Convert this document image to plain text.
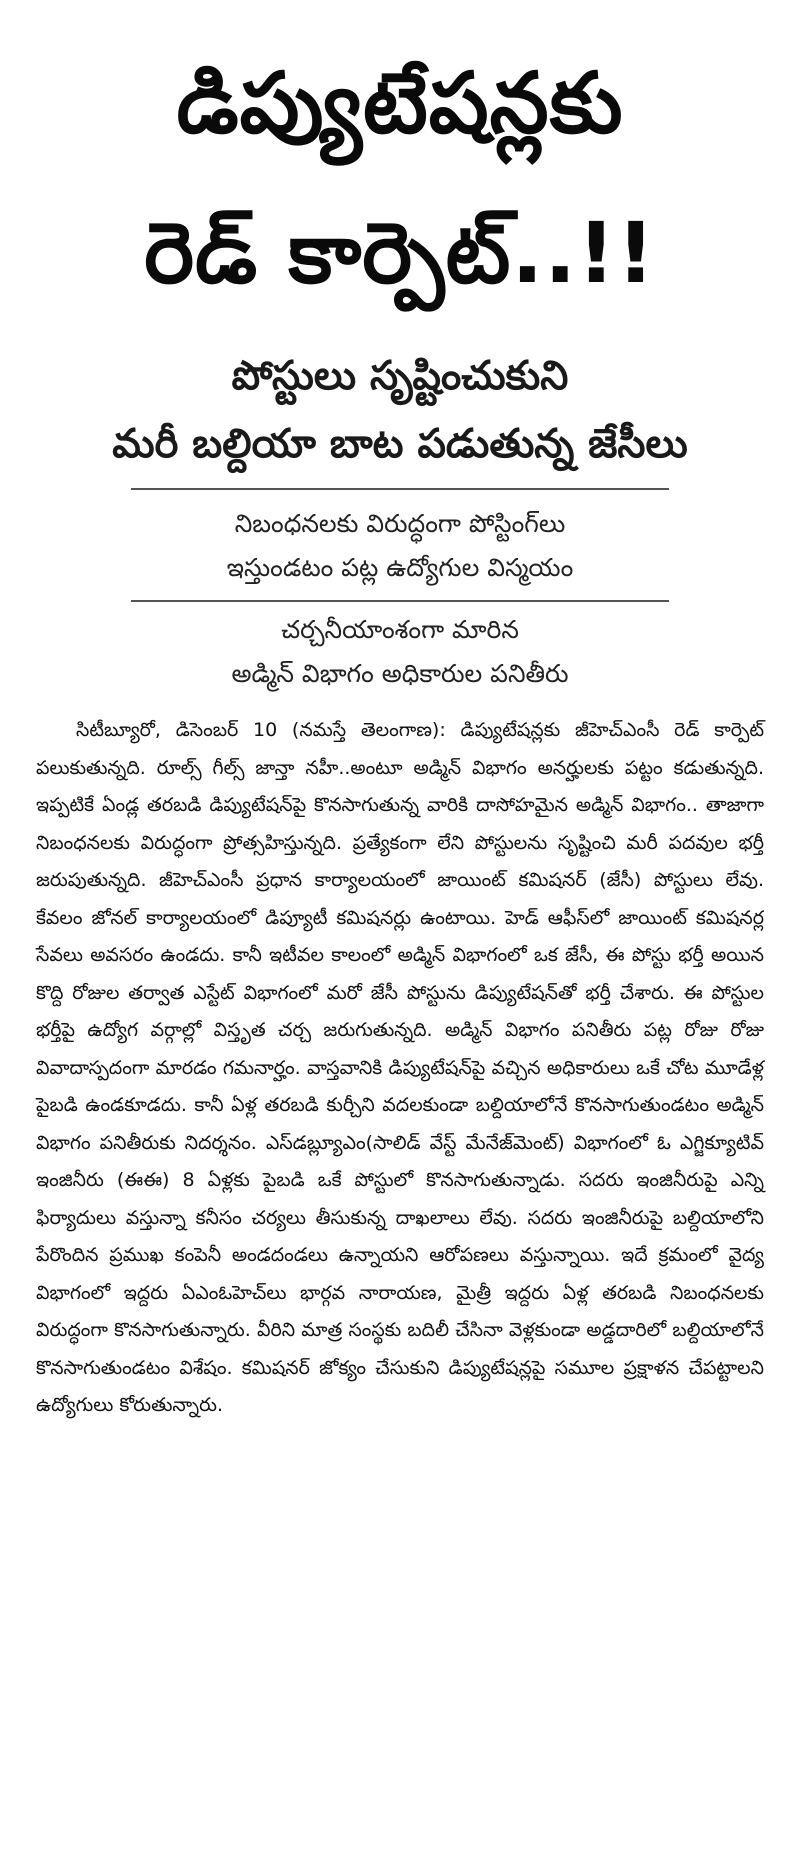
డిప్యుటేషన్లకు
రెడ్ కార్పెట్..!!
పోస్టులు సృష్టించుకుని
మరీ బల్దియా బాట పడుతున్న జేసీలు
నిబంధనలకు విరుద్ధంగా పోస్టింగ్‌లు
ఇస్తుండటం పట్ల ఉద్యోగుల విస్మయం
చర్చనీయాంశంగా మారిన
అడ్మిన్ విభాగం అధికారుల పనితీరు

సిటీబ్యూరో, డిసెంబర్ 10 (నమస్తే తెలంగాణ): డిప్యుటేషన్లకు జీహెచ్ఎంసీ రెడ్ కార్పెట్ పలుకుతున్నది. రూల్స్ గీల్స్ జాన్తా నహీ..అంటూ అడ్మిన్ విభాగం అనర్హులకు పట్టం కడుతున్నది. ఇప్పటికే ఏండ్ల తరబడి డిప్యుటేషన్‌పై కొనసాగుతున్న వారికి దాసోహమైన అడ్మిన్ విభాగం.. తాజాగా నిబంధనలకు విరుద్ధంగా ప్రోత్సహిస్తున్నది. ప్రత్యేకంగా లేని పోస్టులను సృష్టించి మరీ పదవుల భర్తీ జరుపుతున్నది. జీహెచ్ఎంసీ ప్రధాన కార్యాలయంలో జాయింట్ కమిషనర్ (జేసీ) పోస్టులు లేవు. కేవలం జోనల్ కార్యాలయంలో డిప్యూటీ కమిషనర్లు ఉంటాయి. హెడ్ ఆఫీస్‌లో జాయింట్ కమిషనర్ల సేవలు అవసరం ఉండదు. కానీ ఇటీవల కాలంలో అడ్మిన్ విభాగంలో ఒక జేసీ, ఈ పోస్టు భర్తీ అయిన కొద్ది రోజుల తర్వాత ఎస్టేట్ విభాగంలో మరో జేసీ పోస్టును డిప్యుటేషన్‌తో భర్తీ చేశారు. ఈ పోస్టుల భర్తీపై ఉద్యోగ వర్గాల్లో విస్తృత చర్చ జరుగుతున్నది. అడ్మిన్ విభాగం పనితీరు పట్ల రోజు రోజు వివాదాస్పదంగా మారడం గమనార్హం. వాస్తవానికి డిప్యుటేషన్‌పై వచ్చిన అధికారులు ఒకే చోట మూడేళ్ల పైబడి ఉండకూడదు. కానీ ఏళ్ల తరబడి కుర్చీని వదలకుండా బల్దియాలోనే కొనసాగుతుండటం అడ్మిన్ విభాగం పనితీరుకు నిదర్శనం. ఎస్‌డబ్ల్యూఎం(సాలిడ్ వేస్ట్ మేనేజ్‌మెంట్) విభాగంలో ఓ ఎగ్జిక్యూటివ్ ఇంజినీరు (ఈఈ) 8 ఏళ్లకు పైబడి ఒకే పోస్టులో కొనసాగుతున్నాడు. సదరు ఇంజినీరుపై ఎన్ని ఫిర్యాదులు వస్తున్నా కనీసం చర్యలు తీసుకున్న దాఖలాలు లేవు. సదరు ఇంజినీరుపై బల్దియాలోని పేరొందిన ప్రముఖ కంపెనీ అండదండలు ఉన్నాయని ఆరోపణలు వస్తున్నాయి. ఇదే క్రమంలో వైద్య విభాగంలో ఇద్దరు ఏఎంఓహెచ్‌లు భార్గవ నారాయణ, మైత్రీ ఇద్దరు ఏళ్ల తరబడి నిబంధనలకు విరుద్ధంగా కొనసాగుతున్నారు. వీరిని మాత్ర సంస్థకు బదిలీ చేసినా వెళ్లకుండా అడ్డదారిలో బల్దియాలోనే కొనసాగుతుండటం విశేషం. కమిషనర్ జోక్యం చేసుకుని డిప్యుటేషన్లపై సమూల ప్రక్షాళన చేపట్టాలని ఉద్యోగులు కోరుతున్నారు.
